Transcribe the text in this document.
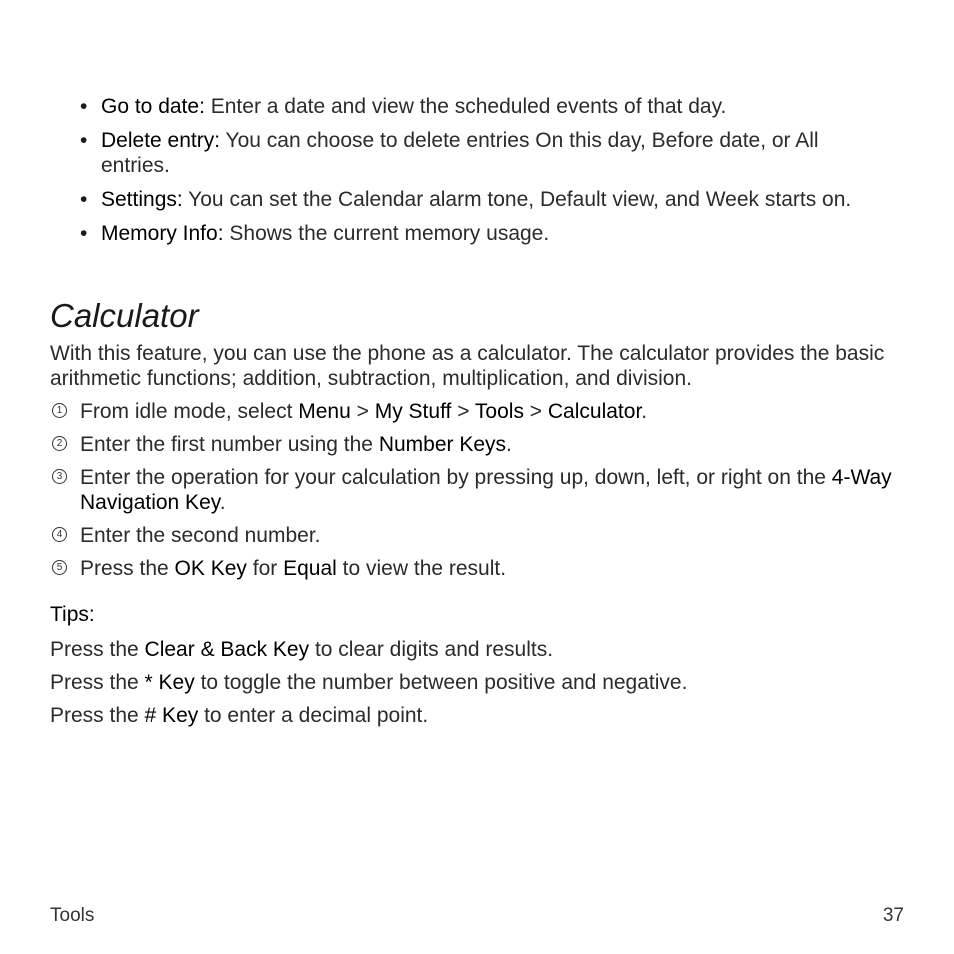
• Go to date: Enter a date and view the scheduled events of that day.
• Delete entry: You can choose to delete entries On this day, Before date, or All entries.
• Settings: You can set the Calendar alarm tone, Default view, and Week starts on.
• Memory Info: Shows the current memory usage.
Calculator

With this feature, you can use the phone as a calculator. The calculator provides the basic arithmetic functions; addition, subtraction, multiplication, and division.

1 From idle mode, select Menu > My Stuff > Tools > Calculator.
2 Enter the first number using the Number Keys.
3 Enter the operation for your calculation by pressing up, down, left, or right on the 4-Way Navigation Key.
4 Enter the second number.
5 Press the OK Key for Equal to view the result.
Tips:
Press the Clear & Back Key to clear digits and results.
Press the * Key to toggle the number between positive and negative.
Press the # Key to enter a decimal point.
Tools	37
